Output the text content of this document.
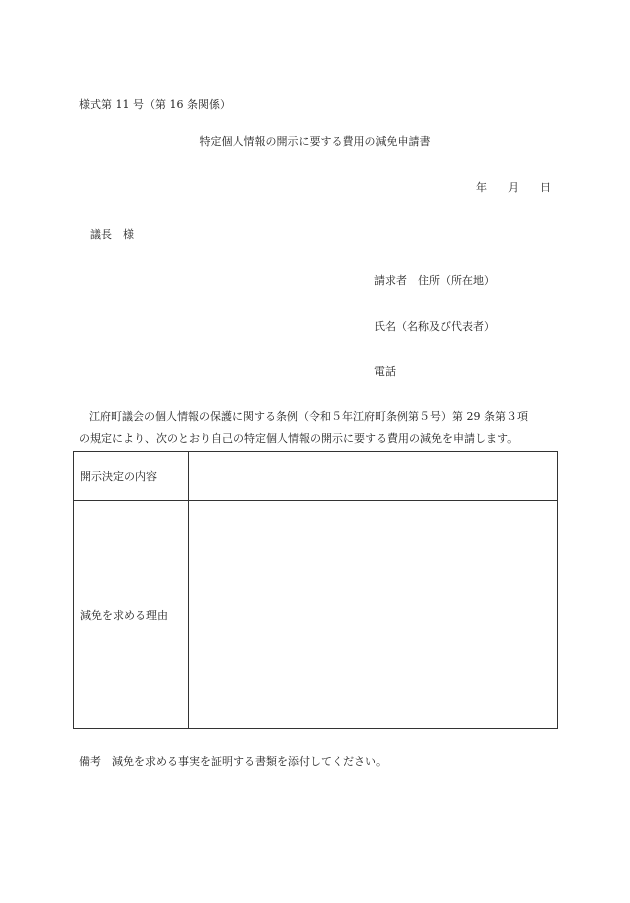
様式第 11 号（第 16 条関係）
特定個人情報の開示に要する費用の減免申請書
年 月 日
議長　様
請求者　住所（所在地）
氏名（名称及び代表者）
電話
江府町議会の個人情報の保護に関する条例（令和５年江府町条例第５号）第 29 条第３項
の規定により、次のとおり自己の特定個人情報の開示に要する費用の減免を申請します。
開示決定の内容	
減免を求める理由	
備考　減免を求める事実を証明する書類を添付してください。
